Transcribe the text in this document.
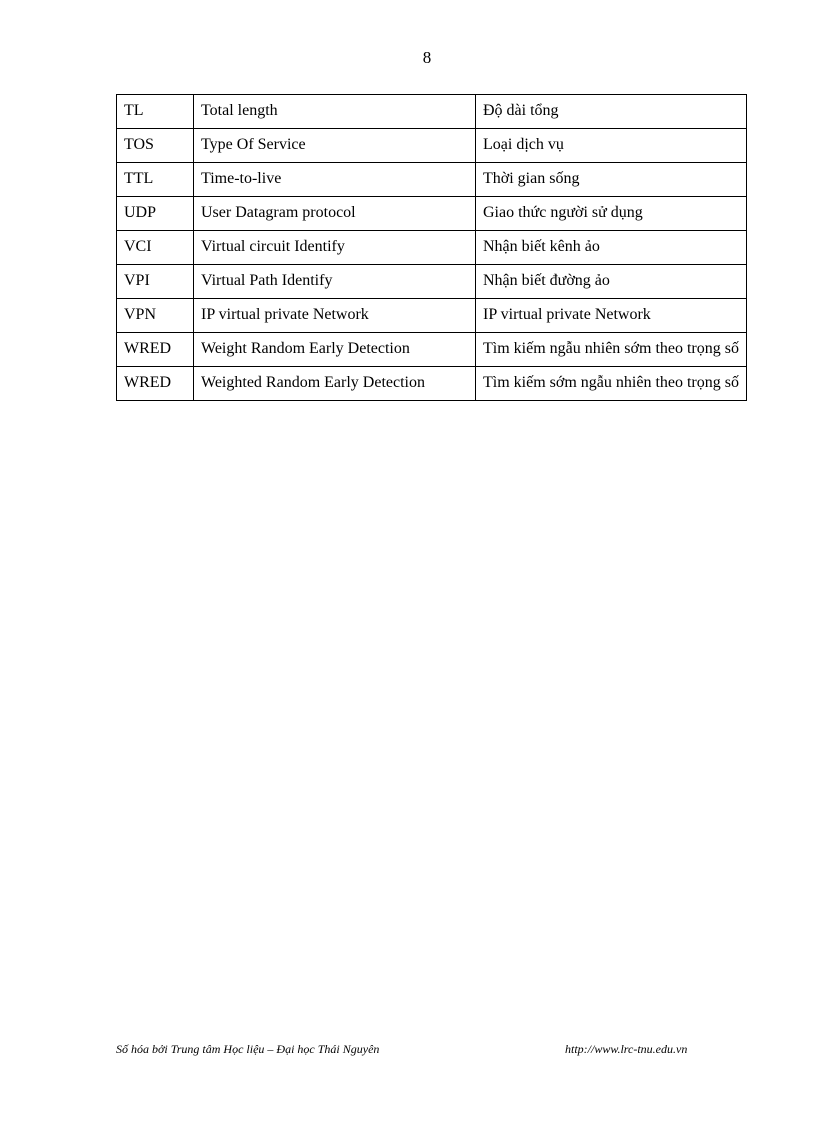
8
TL	Total length	Độ dài tổng
TOS	Type Of Service	Loại dịch vụ
TTL	Time-to-live	Thời gian sống
UDP	User Datagram protocol	Giao thức người sử dụng
VCI	Virtual circuit Identify	Nhận biết kênh ảo
VPI	Virtual Path Identify	Nhận biết đường ảo
VPN	IP virtual private Network	IP virtual private Network
WRED	Weight Random Early Detection	Tìm kiếm ngẫu nhiên sớm theo trọng số
WRED	Weighted Random Early Detection	Tìm kiếm sớm ngẫu nhiên theo trọng số
Số hóa bởi Trung tâm Học liệu – Đại học Thái Nguyên	http://www.lrc-tnu.edu.vn
